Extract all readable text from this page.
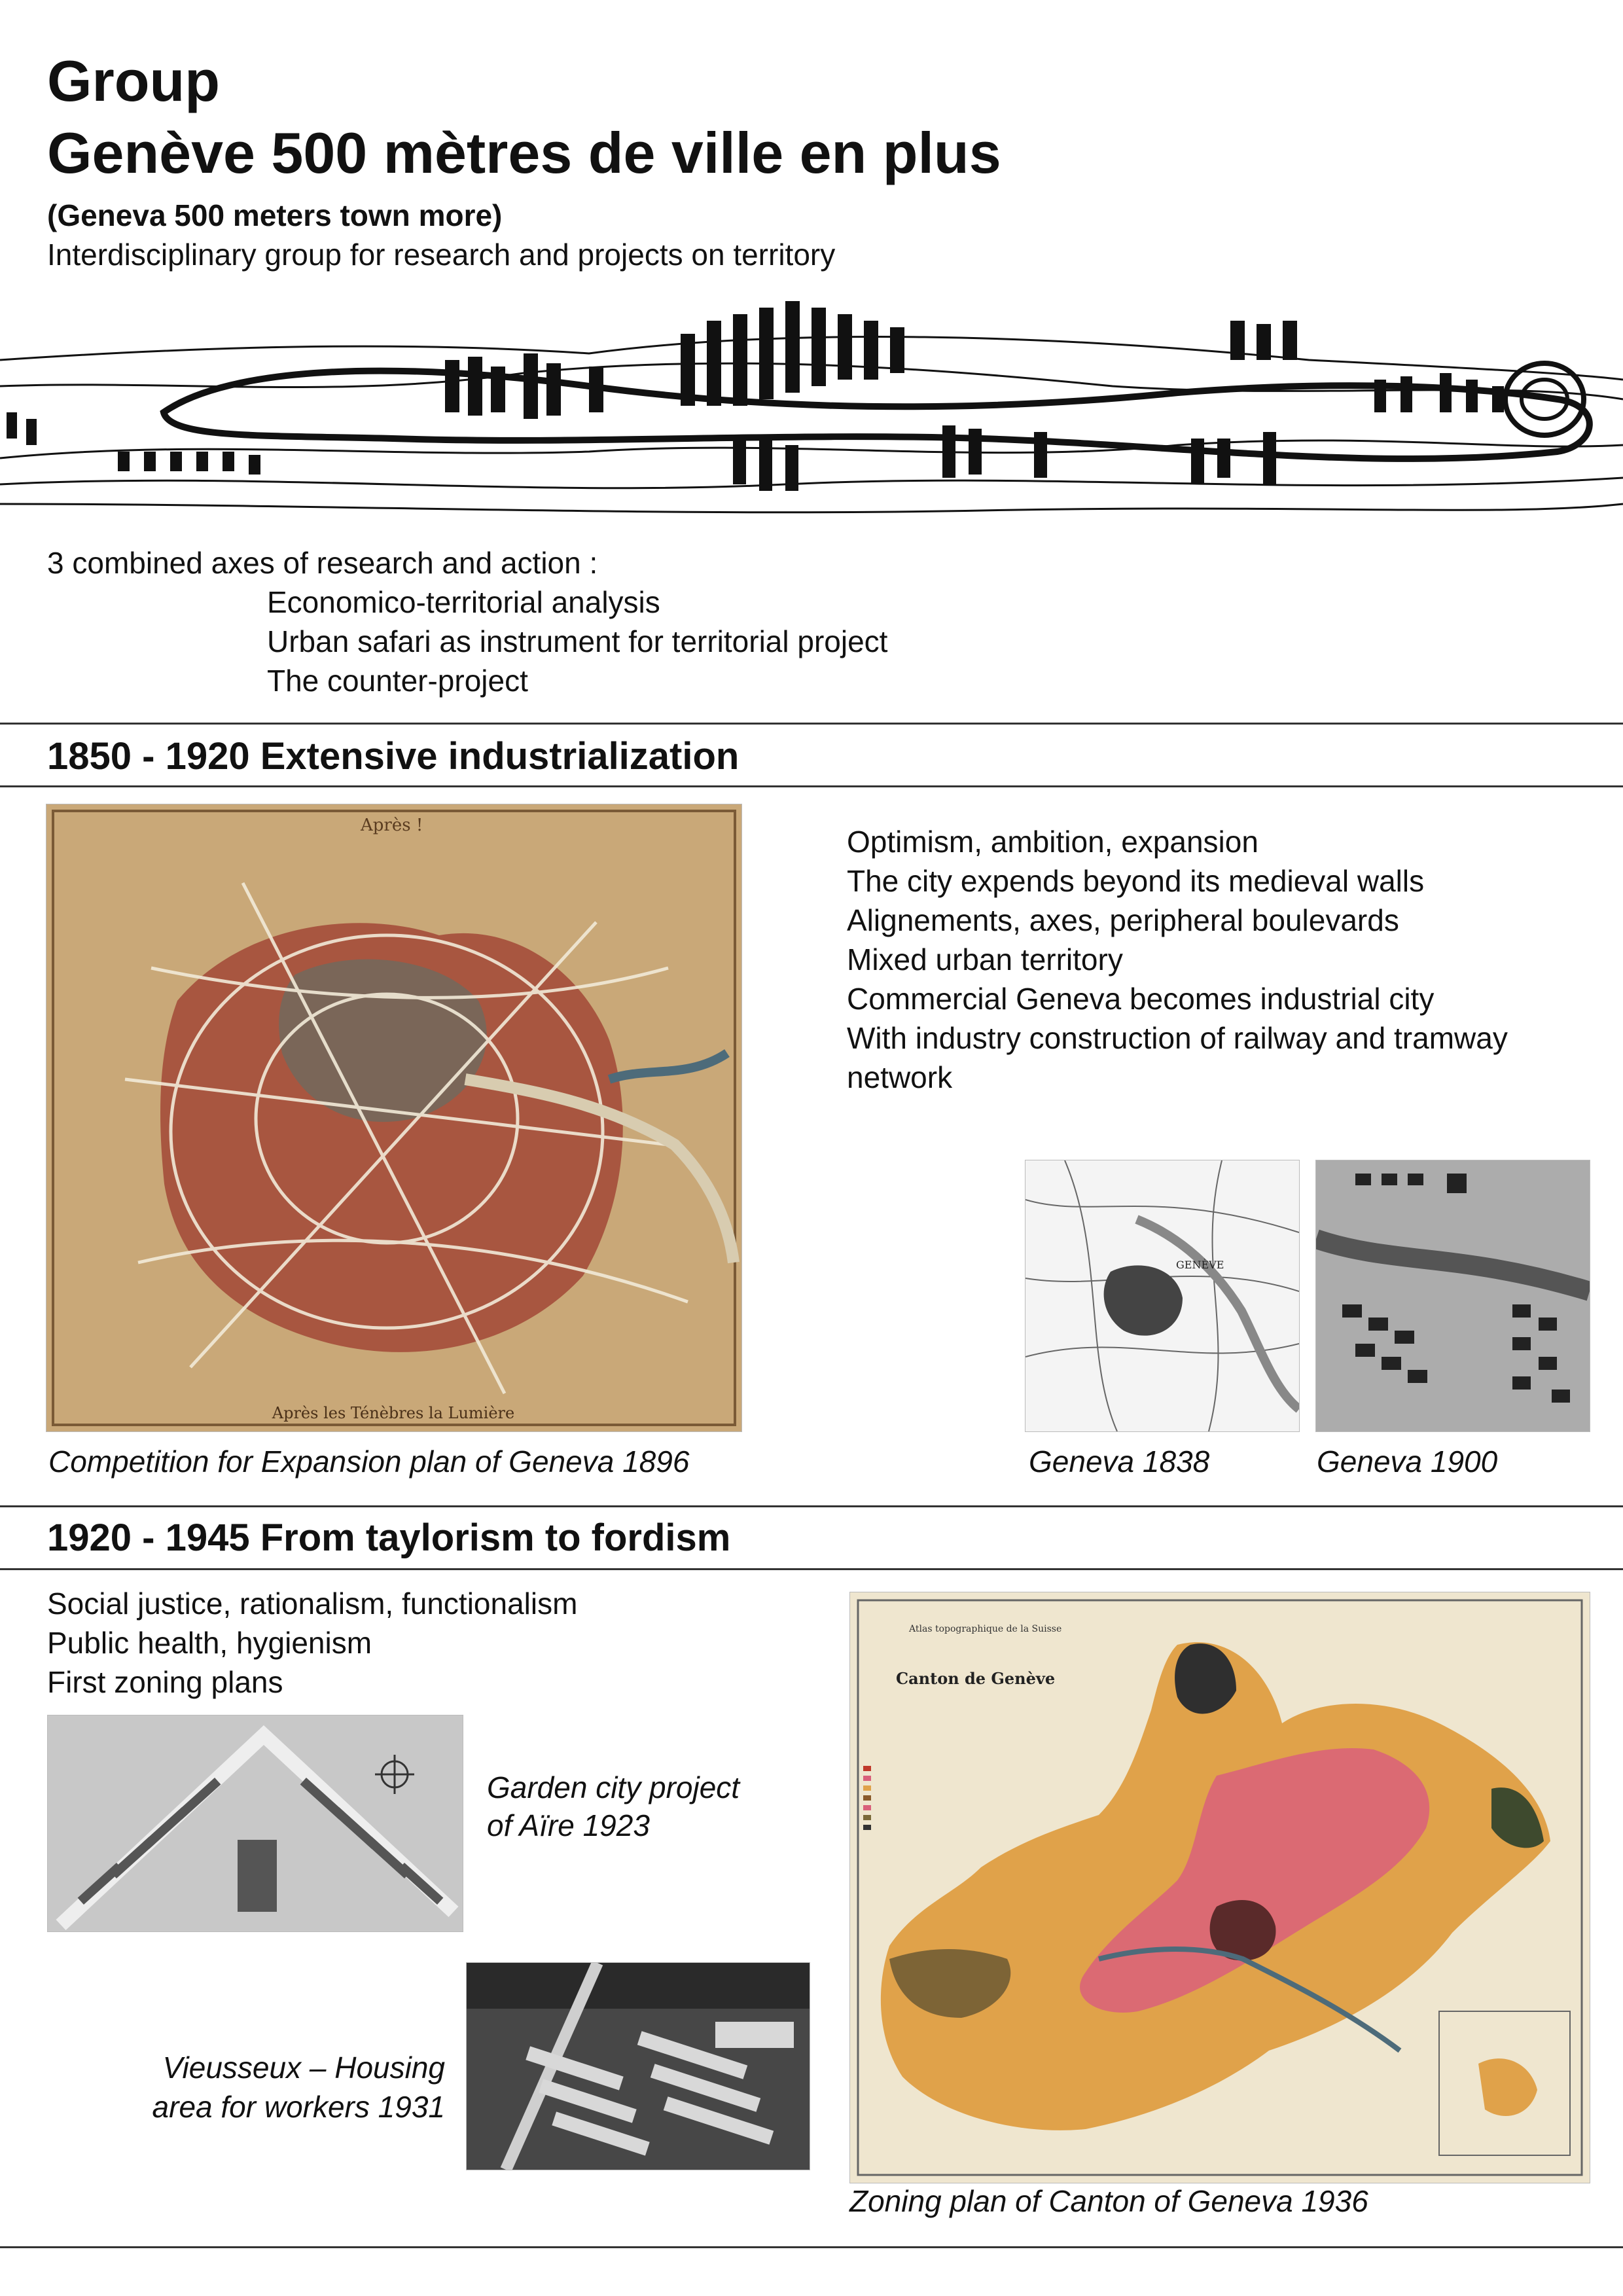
Group
Genève 500 mètres de ville en plus
(Geneva 500 meters town more)
Interdisciplinary group for research and projects on territory
3 combined axes of research and action :
Economico-territorial analysis
Urban safari as instrument for territorial project
The counter-project
1850 - 1920 Extensive industrialization
Après !
Après les Ténèbres la Lumière
Competition for Expansion plan of Geneva 1896
Optimism, ambition, expansion
The city expends beyond its medieval walls
Alignements, axes, peripheral boulevards
Mixed urban territory
Commercial Geneva becomes industrial city
With industry construction of railway and tramway
network
GENÈVE
Geneva 1838	Geneva 1900
1920 - 1945 From taylorism to fordism
Social justice, rationalism, functionalism
Public health, hygienism
First zoning plans
Garden city project
of Aïre 1923
Vieusseux – Housing
area for workers 1931
Atlas topographique de la Suisse
Canton de Genève
Zoning plan of Canton of Geneva 1936
